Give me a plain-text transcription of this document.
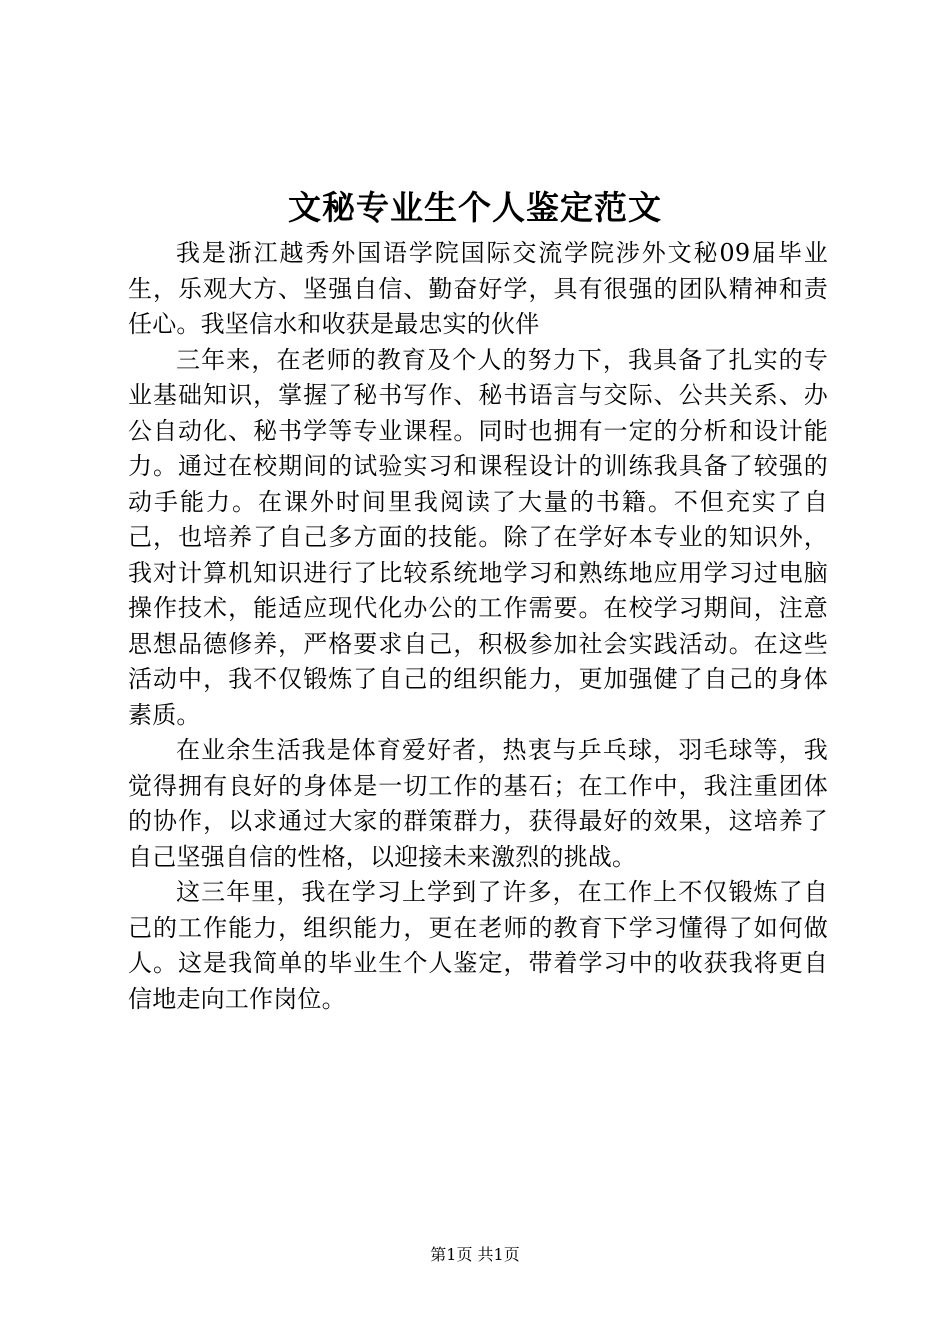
文秘专业生个人鉴定范文

我是浙江越秀外国语学院国际交流学院涉外文秘09届毕业生，乐观大方、坚强自信、勤奋好学，具有很强的团队精神和责任心。我坚信水和收获是最忠实的伙伴

三年来，在老师的教育及个人的努力下，我具备了扎实的专业基础知识，掌握了秘书写作、秘书语言与交际、公共关系、办公自动化、秘书学等专业课程。同时也拥有一定的分析和设计能力。通过在校期间的试验实习和课程设计的训练我具备了较强的动手能力。在课外时间里我阅读了大量的书籍。不但充实了自己，也培养了自己多方面的技能。除了在学好本专业的知识外，我对计算机知识进行了比较系统地学习和熟练地应用学习过电脑操作技术，能适应现代化办公的工作需要。在校学习期间，注意思想品德修养，严格要求自己，积极参加社会实践活动。在这些活动中，我不仅锻炼了自己的组织能力，更加强健了自己的身体素质。

在业余生活我是体育爱好者，热衷与乒乓球，羽毛球等，我觉得拥有良好的身体是一切工作的基石；在工作中，我注重团体的协作，以求通过大家的群策群力，获得最好的效果，这培养了自己坚强自信的性格，以迎接未来激烈的挑战。

这三年里，我在学习上学到了许多，在工作上不仅锻炼了自己的工作能力，组织能力，更在老师的教育下学习懂得了如何做人。这是我简单的毕业生个人鉴定，带着学习中的收获我将更自信地走向工作岗位。

第1页 共1页
